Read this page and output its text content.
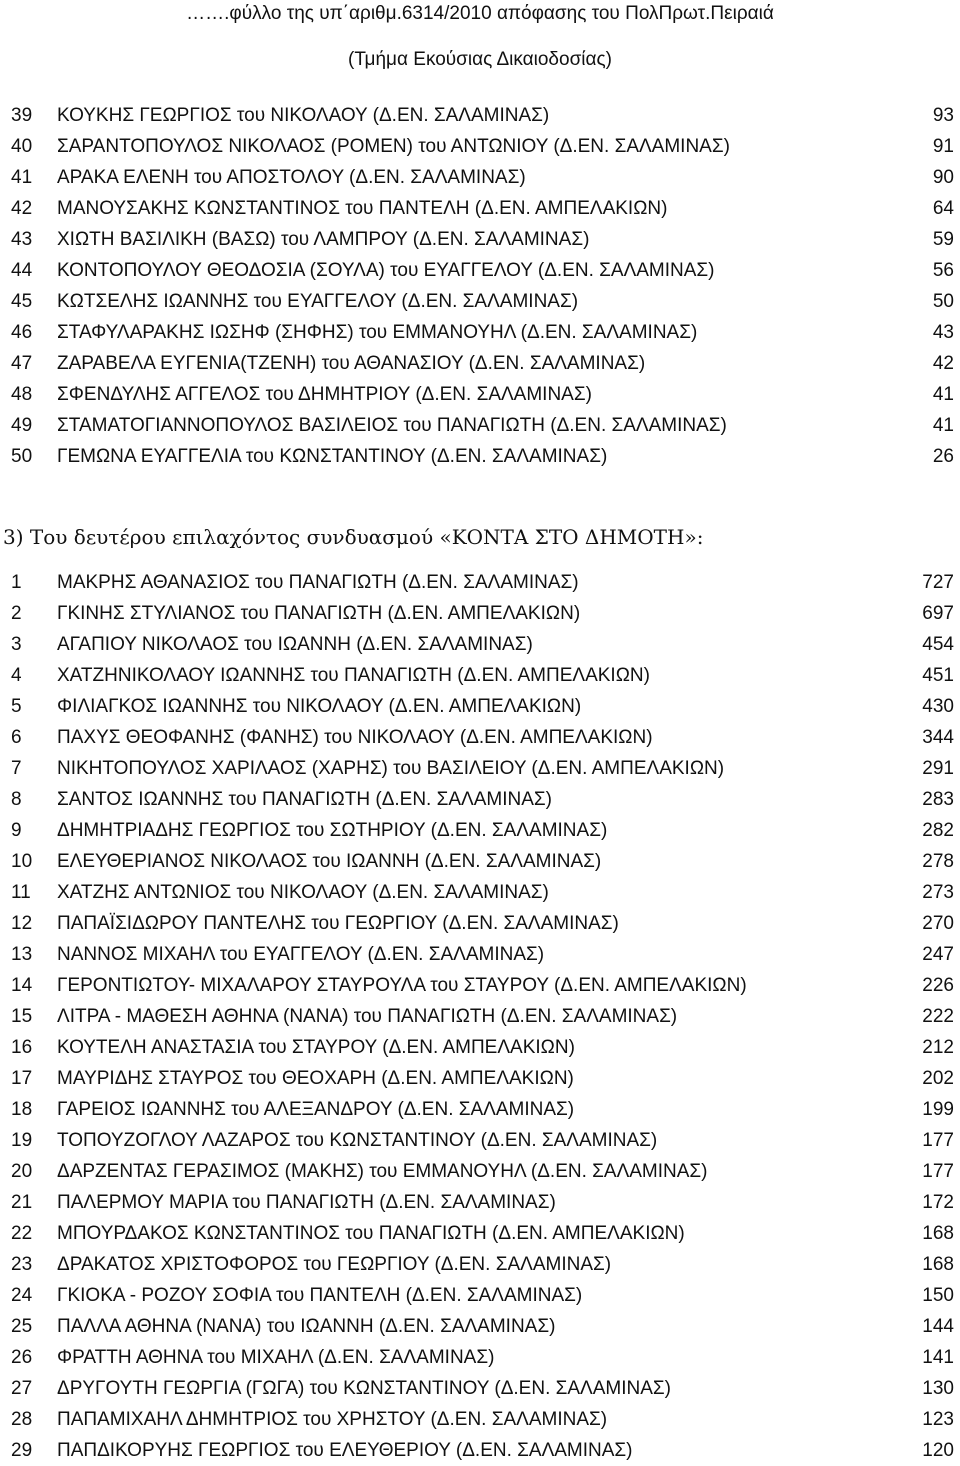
…….φύλλο της υπ΄αριθμ.6314/2010 απόφασης του ΠολΠρωτ.Πειραιά
(Τμήμα Εκούσιας Δικαιοδοσίας)
39	ΚΟΥΚΗΣ ΓΕΩΡΓΙΟΣ του ΝΙΚΟΛΑΟΥ (Δ.ΕΝ. ΣΑΛΑΜΙΝΑΣ)	93
40	ΣΑΡΑΝΤΟΠΟΥΛΟΣ ΝΙΚΟΛΑΟΣ (ΡΟΜΕΝ) του ΑΝΤΩΝΙΟΥ (Δ.ΕΝ. ΣΑΛΑΜΙΝΑΣ)	91
41	ΑΡΑΚΑ ΕΛΕΝΗ του ΑΠΟΣΤΟΛΟΥ (Δ.ΕΝ. ΣΑΛΑΜΙΝΑΣ)	90
42	ΜΑΝΟΥΣΑΚΗΣ ΚΩΝΣΤΑΝΤΙΝΟΣ του ΠΑΝΤΕΛΗ (Δ.ΕΝ. ΑΜΠΕΛΑΚΙΩΝ)	64
43	ΧΙΩΤΗ ΒΑΣΙΛΙΚΗ (ΒΑΣΩ) του ΛΑΜΠΡΟΥ (Δ.ΕΝ. ΣΑΛΑΜΙΝΑΣ)	59
44	ΚΟΝΤΟΠΟΥΛΟΥ ΘΕΟΔΟΣΙΑ (ΣΟΥΛΑ) του ΕΥΑΓΓΕΛΟΥ (Δ.ΕΝ. ΣΑΛΑΜΙΝΑΣ)	56
45	ΚΩΤΣΕΛΗΣ ΙΩΑΝΝΗΣ του ΕΥΑΓΓΕΛΟΥ (Δ.ΕΝ. ΣΑΛΑΜΙΝΑΣ)	50
46	ΣΤΑΦΥΛΑΡΑΚΗΣ ΙΩΣΗΦ (ΣΗΦΗΣ) του ΕΜΜΑΝΟΥΗΛ (Δ.ΕΝ. ΣΑΛΑΜΙΝΑΣ)	43
47	ΖΑΡΑΒΕΛΑ ΕΥΓΕΝΙΑ(ΤΖΕΝΗ) του ΑΘΑΝΑΣΙΟΥ (Δ.ΕΝ. ΣΑΛΑΜΙΝΑΣ)	42
48	ΣΦΕΝΔΥΛΗΣ ΑΓΓΕΛΟΣ του ΔΗΜΗΤΡΙΟΥ (Δ.ΕΝ. ΣΑΛΑΜΙΝΑΣ)	41
49	ΣΤΑΜΑΤΟΓΙΑΝΝΟΠΟΥΛΟΣ ΒΑΣΙΛΕΙΟΣ του ΠΑΝΑΓΙΩΤΗ (Δ.ΕΝ. ΣΑΛΑΜΙΝΑΣ)	41
50	ΓΕΜΩΝΑ ΕΥΑΓΓΕΛΙΑ του ΚΩΝΣΤΑΝΤΙΝΟΥ (Δ.ΕΝ. ΣΑΛΑΜΙΝΑΣ)	26
3) Του δευτέρου επιλαχόντος συνδυασμού «ΚΟΝΤΑ ΣΤΟ ΔΗΜΟΤΗ»:
1	ΜΑΚΡΗΣ ΑΘΑΝΑΣΙΟΣ του ΠΑΝΑΓΙΩΤΗ (Δ.ΕΝ. ΣΑΛΑΜΙΝΑΣ)	727
2	ΓΚΙΝΗΣ ΣΤΥΛΙΑΝΟΣ του ΠΑΝΑΓΙΩΤΗ (Δ.ΕΝ. ΑΜΠΕΛΑΚΙΩΝ)	697
3	ΑΓΑΠΙΟΥ ΝΙΚΟΛΑΟΣ του ΙΩΑΝΝΗ (Δ.ΕΝ. ΣΑΛΑΜΙΝΑΣ)	454
4	ΧΑΤΖΗΝΙΚΟΛΑΟΥ ΙΩΑΝΝΗΣ του ΠΑΝΑΓΙΩΤΗ (Δ.ΕΝ. ΑΜΠΕΛΑΚΙΩΝ)	451
5	ΦΙΛΙΑΓΚΟΣ ΙΩΑΝΝΗΣ του ΝΙΚΟΛΑΟΥ (Δ.ΕΝ. ΑΜΠΕΛΑΚΙΩΝ)	430
6	ΠΑΧΥΣ ΘΕΟΦΑΝΗΣ (ΦΑΝΗΣ) του ΝΙΚΟΛΑΟΥ (Δ.ΕΝ. ΑΜΠΕΛΑΚΙΩΝ)	344
7	ΝΙΚΗΤΟΠΟΥΛΟΣ ΧΑΡΙΛΑΟΣ (ΧΑΡΗΣ) του ΒΑΣΙΛΕΙΟΥ (Δ.ΕΝ. ΑΜΠΕΛΑΚΙΩΝ)	291
8	ΣΑΝΤΟΣ ΙΩΑΝΝΗΣ του ΠΑΝΑΓΙΩΤΗ (Δ.ΕΝ. ΣΑΛΑΜΙΝΑΣ)	283
9	ΔΗΜΗΤΡΙΑΔΗΣ ΓΕΩΡΓΙΟΣ του ΣΩΤΗΡΙΟΥ (Δ.ΕΝ. ΣΑΛΑΜΙΝΑΣ)	282
10	ΕΛΕΥΘΕΡΙΑΝΟΣ ΝΙΚΟΛΑΟΣ του ΙΩΑΝΝΗ (Δ.ΕΝ. ΣΑΛΑΜΙΝΑΣ)	278
11	ΧΑΤΖΗΣ ΑΝΤΩΝΙΟΣ του ΝΙΚΟΛΑΟΥ (Δ.ΕΝ. ΣΑΛΑΜΙΝΑΣ)	273
12	ΠΑΠΑΪΣΙΔΩΡΟΥ ΠΑΝΤΕΛΗΣ του ΓΕΩΡΓΙΟΥ (Δ.ΕΝ. ΣΑΛΑΜΙΝΑΣ)	270
13	ΝΑΝΝΟΣ ΜΙΧΑΗΛ του ΕΥΑΓΓΕΛΟΥ (Δ.ΕΝ. ΣΑΛΑΜΙΝΑΣ)	247
14	ΓΕΡΟΝΤΙΩΤΟΥ- ΜΙΧΑΛΑΡΟΥ ΣΤΑΥΡΟΥΛΑ του ΣΤΑΥΡΟΥ (Δ.ΕΝ. ΑΜΠΕΛΑΚΙΩΝ)	226
15	ΛΙΤΡΑ - ΜΑΘΕΣΗ ΑΘΗΝΑ (ΝΑΝΑ) του ΠΑΝΑΓΙΩΤΗ (Δ.ΕΝ. ΣΑΛΑΜΙΝΑΣ)	222
16	ΚΟΥΤΕΛΗ ΑΝΑΣΤΑΣΙΑ του ΣΤΑΥΡΟΥ (Δ.ΕΝ. ΑΜΠΕΛΑΚΙΩΝ)	212
17	ΜΑΥΡΙΔΗΣ ΣΤΑΥΡΟΣ του ΘΕΟΧΑΡΗ (Δ.ΕΝ. ΑΜΠΕΛΑΚΙΩΝ)	202
18	ΓΑΡΕΙΟΣ ΙΩΑΝΝΗΣ του ΑΛΕΞΑΝΔΡΟΥ (Δ.ΕΝ. ΣΑΛΑΜΙΝΑΣ)	199
19	ΤΟΠΟΥΖΟΓΛΟΥ ΛΑΖΑΡΟΣ του ΚΩΝΣΤΑΝΤΙΝΟΥ (Δ.ΕΝ. ΣΑΛΑΜΙΝΑΣ)	177
20	ΔΑΡΖΕΝΤΑΣ ΓΕΡΑΣΙΜΟΣ (ΜΑΚΗΣ) του ΕΜΜΑΝΟΥΗΛ (Δ.ΕΝ. ΣΑΛΑΜΙΝΑΣ)	177
21	ΠΑΛΕΡΜΟΥ ΜΑΡΙΑ του ΠΑΝΑΓΙΩΤΗ (Δ.ΕΝ. ΣΑΛΑΜΙΝΑΣ)	172
22	ΜΠΟΥΡΔΑΚΟΣ ΚΩΝΣΤΑΝΤΙΝΟΣ του ΠΑΝΑΓΙΩΤΗ (Δ.ΕΝ. ΑΜΠΕΛΑΚΙΩΝ)	168
23	ΔΡΑΚΑΤΟΣ ΧΡΙΣΤΟΦΟΡΟΣ του ΓΕΩΡΓΙΟΥ (Δ.ΕΝ. ΣΑΛΑΜΙΝΑΣ)	168
24	ΓΚΙΟΚΑ - ΡΟΖΟΥ ΣΟΦΙΑ του ΠΑΝΤΕΛΗ (Δ.ΕΝ. ΣΑΛΑΜΙΝΑΣ)	150
25	ΠΑΛΛΑ ΑΘΗΝΑ (ΝΑΝΑ) του ΙΩΑΝΝΗ (Δ.ΕΝ. ΣΑΛΑΜΙΝΑΣ)	144
26	ΦΡΑΤΤΗ ΑΘΗΝΑ του ΜΙΧΑΗΛ (Δ.ΕΝ. ΣΑΛΑΜΙΝΑΣ)	141
27	ΔΡΥΓΟΥΤΗ ΓΕΩΡΓΙΑ (ΓΩΓΑ) του ΚΩΝΣΤΑΝΤΙΝΟΥ (Δ.ΕΝ. ΣΑΛΑΜΙΝΑΣ)	130
28	ΠΑΠΑΜΙΧΑΗΛ ΔΗΜΗΤΡΙΟΣ του ΧΡΗΣΤΟΥ (Δ.ΕΝ. ΣΑΛΑΜΙΝΑΣ)	123
29	ΠΑΠΔΙΚΟΡΥΗΣ ΓΕΩΡΓΙΟΣ του ΕΛΕΥΘΕΡΙΟΥ (Δ.ΕΝ. ΣΑΛΑΜΙΝΑΣ)	120
